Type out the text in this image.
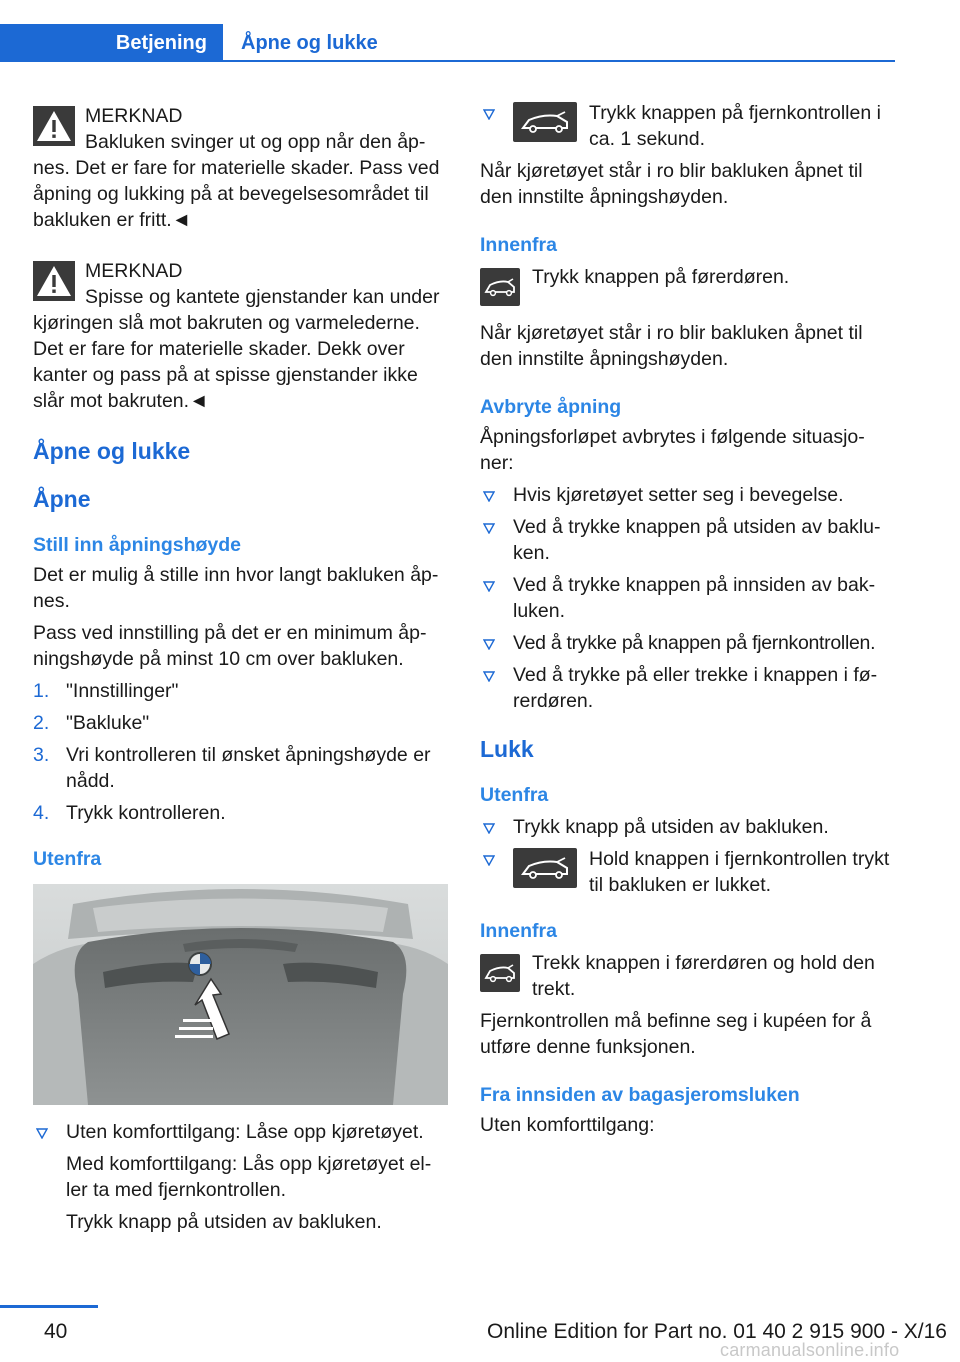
Betjening	Åpne og lukke

MERKNAD

Bakluken svinger ut og opp når den åp-nes. Det er fare for materielle skader. Pass ved åpning og lukking på at bevegelsesområdet til bakluken er fritt.◄

MERKNAD

Spisse og kantete gjenstander kan under kjøringen slå mot bakruten og varmelederne. Det er fare for materielle skader. Dekk over kanter og pass på at spisse gjenstander ikke slår mot bakruten.◄

Åpne og lukke
Åpne
Still inn åpningshøyde

Det er mulig å stille inn hvor langt bakluken åp-nes.

Pass ved innstilling på det er en minimum åp-ningshøyde på minst 10 cm over bakluken.

1. "Innstillinger"
2. "Bakluke"
3. Vri kontrolleren til ønsket åpningshøyde er nådd.
4. Trykk kontrolleren.
Utenfra

Uten komforttilgang: Låse opp kjøretøyet.

Med komforttilgang: Lås opp kjøretøyet el-ler ta med fjernkontrollen.

Trykk knapp på utsiden av bakluken.

Trykk knappen på fjernkontrollen i ca. 1 sekund.

Når kjøretøyet står i ro blir bakluken åpnet til den innstilte åpningshøyden.

Innenfra

Trykk knappen på førerdøren.

Når kjøretøyet står i ro blir bakluken åpnet til den innstilte åpningshøyden.

Avbryte åpning

Åpningsforløpet avbrytes i følgende situasjo-ner:

Hvis kjøretøyet setter seg i bevegelse.
Ved å trykke knappen på utsiden av baklu-ken.
Ved å trykke knappen på innsiden av bak-luken.
Ved å trykke på knappen på fjernkontrollen.
Ved å trykke på eller trekke i knappen i fø-rerdøren.
Lukk
Utenfra
Trykk knapp på utsiden av bakluken.

Hold knappen i fjernkontrollen trykt til bakluken er lukket.

Innenfra

Trekk knappen i førerdøren og hold den trekt.

Fjernkontrollen må befinne seg i kupéen for å utføre denne funksjonen.

Fra innsiden av bagasjeromsluken

Uten komforttilgang:

40	Online Edition for Part no. 01 40 2 915 900 - X/16
carmanualsonline.info
